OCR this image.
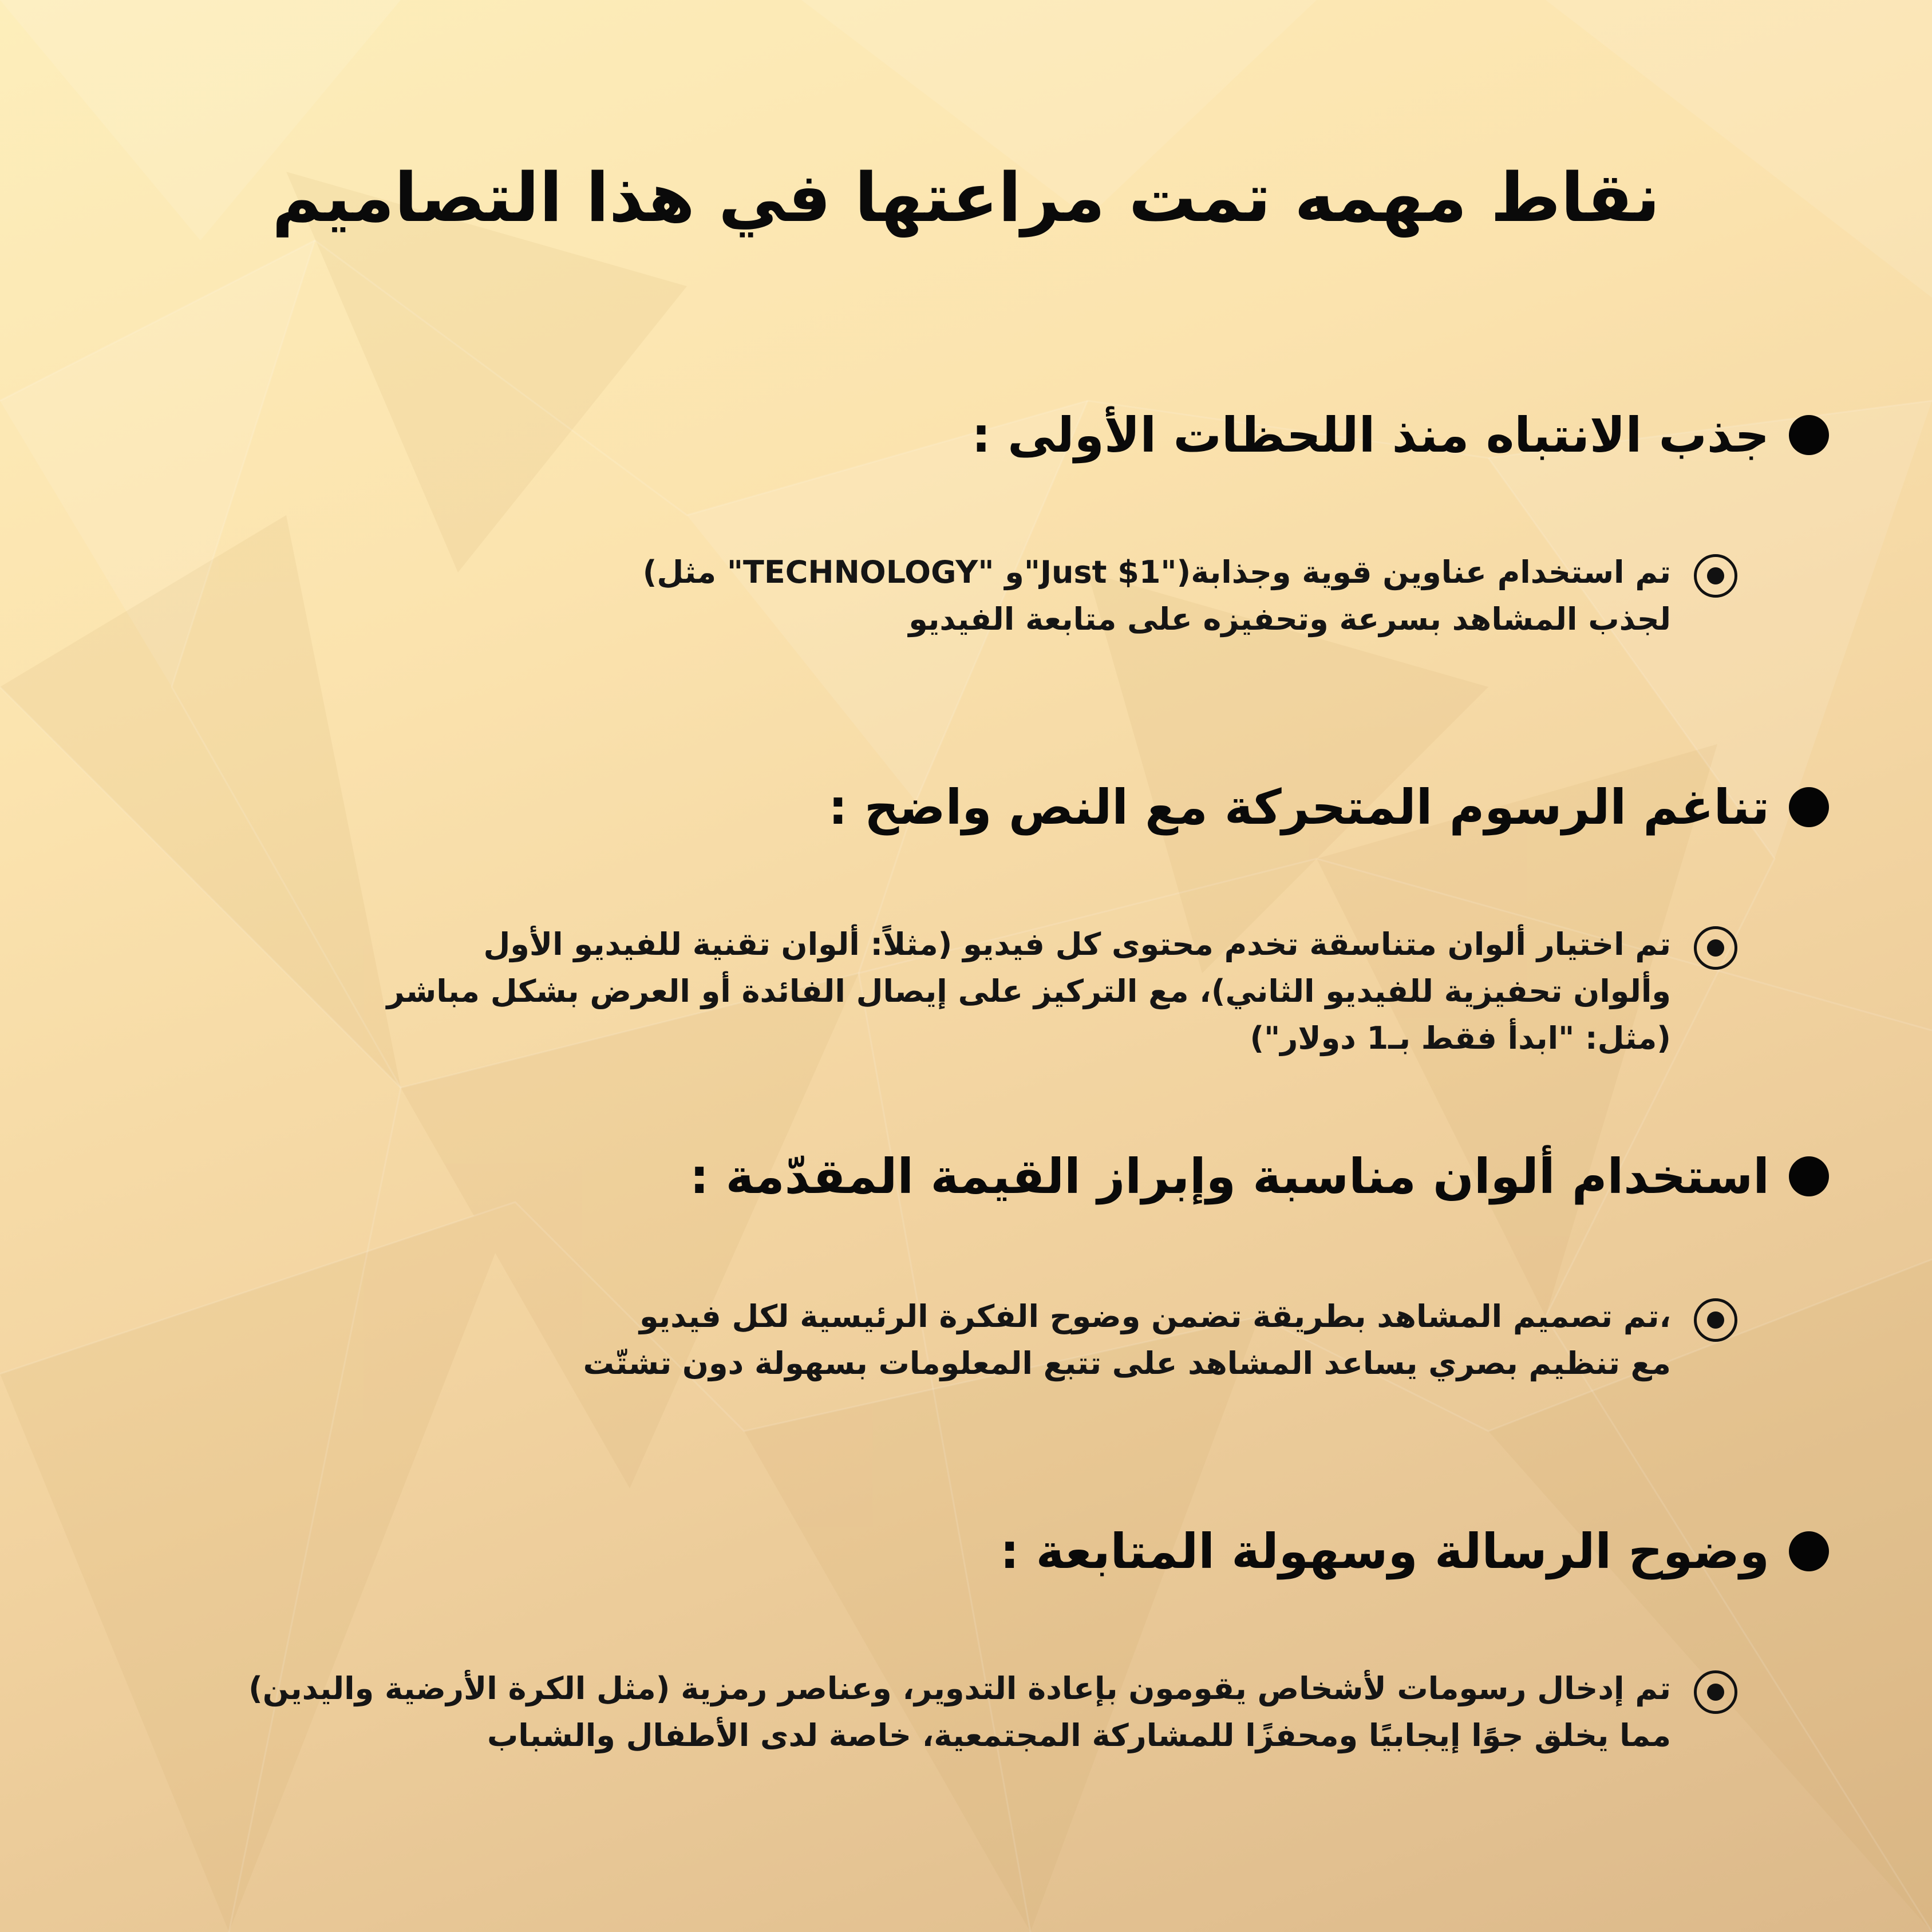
نقاط مهمه تمت مراعتها في هذا التصاميم
جذب الانتباه منذ اللحظات الأولى :
تم استخدام عناوين قوية وجذابة("Just $1"و "TECHNOLOGY" مثل)
لجذب المشاهد بسرعة وتحفيزه على متابعة الفيديو
تناغم الرسوم المتحركة مع النص واضح :
تم اختيار ألوان متناسقة تخدم محتوى كل فيديو (مثلاً: ألوان تقنية للفيديو الأول
وألوان تحفيزية للفيديو الثاني)، مع التركيز على إيصال الفائدة أو العرض بشكل مباشر
(مثل: "ابدأ فقط بـ1 دولار")
استخدام ألوان مناسبة وإبراز القيمة المقدّمة :
،تم تصميم المشاهد بطريقة تضمن وضوح الفكرة الرئيسية لكل فيديو
مع تنظيم بصري يساعد المشاهد على تتبع المعلومات بسهولة دون تشتّت
وضوح الرسالة وسهولة المتابعة :
تم إدخال رسومات لأشخاص يقومون بإعادة التدوير، وعناصر رمزية (مثل الكرة الأرضية واليدين)
مما يخلق جوًا إيجابيًا ومحفزًا للمشاركة المجتمعية، خاصة لدى الأطفال والشباب
